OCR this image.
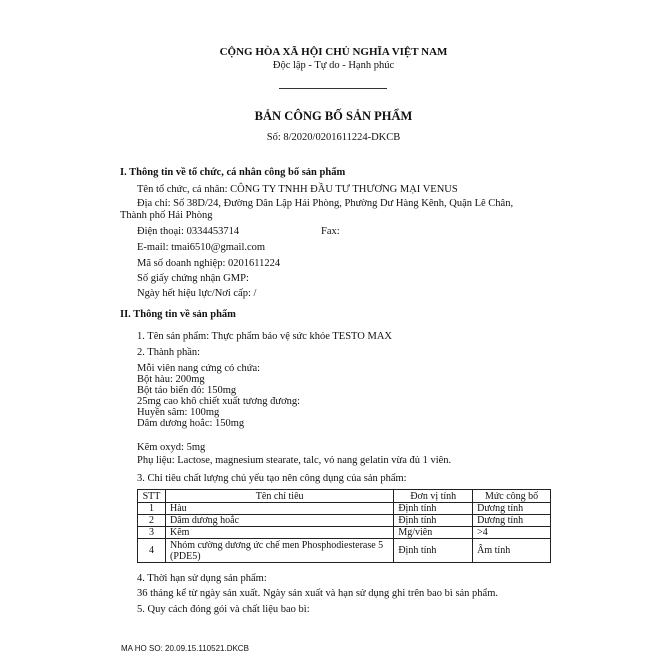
CỘNG HÒA XÃ HỘI CHỦ NGHĨA VIỆT NAM
Độc lập - Tự do - Hạnh phúc
BẢN CÔNG BỐ SẢN PHẨM
Số: 8/2020/0201611224-DKCB
I. Thông tin về tổ chức, cá nhân công bố sản phẩm
Tên tổ chức, cá nhân: CÔNG TY TNHH ĐẦU TƯ THƯƠNG MẠI VENUS
Địa chỉ: Số 38D/24, Đường Dân Lập Hải Phòng, Phường Dư Hàng Kênh, Quận Lê Chân,
Thành phố Hải Phòng
Điện thoại: 0334453714	Fax:
E-mail: tmai6510@gmail.com
Mã số doanh nghiệp: 0201611224
Số giấy chứng nhận GMP:
Ngày hết hiệu lực/Nơi cấp: /
II. Thông tin về sản phẩm
1. Tên sản phẩm: Thực phẩm bảo vệ sức khỏe TESTO MAX
2. Thành phần:
Mỗi viên nang cứng có chứa:
Bột hàu: 200mg
Bột táo biển đỏ: 150mg
25mg cao khô chiết xuất tương đương:
Huyền sâm: 100mg
Dâm dương hoắc: 150mg
Kẽm oxyd: 5mg
Phụ liệu: Lactose, magnesium stearate, talc, vỏ nang gelatin vừa đủ 1 viên.
3. Chỉ tiêu chất lượng chủ yếu tạo nên công dụng của sản phẩm:
STT	Tên chỉ tiêu	Đơn vị tính	Mức công bố
1	Hàu	Định tính	Dương tính
2	Dâm dương hoắc	Định tính	Dương tính
3	Kẽm	Mg/viên	>4
4	Nhóm cường dương ức chế men Phosphodiesterase 5 (PDE5)	Định tính	Âm tính
4. Thời hạn sử dụng sản phẩm:
36 tháng kể từ ngày sản xuất. Ngày sản xuất và hạn sử dụng ghi trên bao bì sản phẩm.
5. Quy cách đóng gói và chất liệu bao bì:
MA HO SO: 20.09.15.110521.DKCB
